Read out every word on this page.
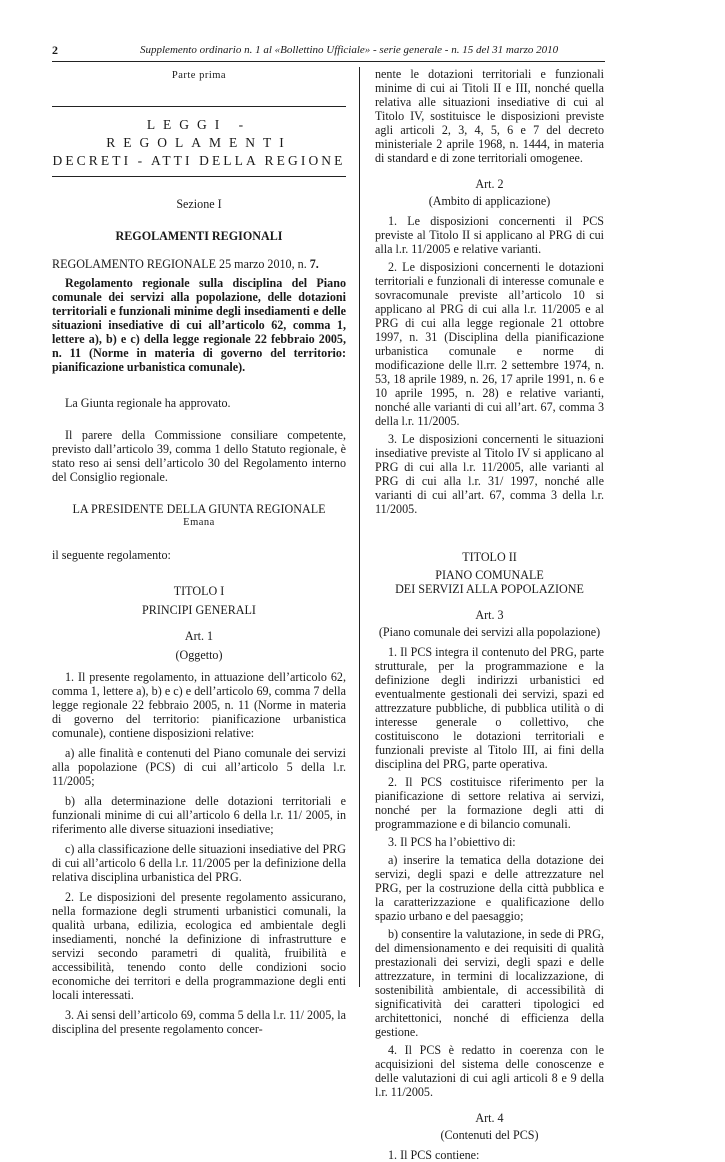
2	Supplemento ordinario n. 1 al «Bollettino Ufficiale» - serie generale - n. 15 del 31 marzo 2010

Parte prima

LEGGI - REGOLAMENTI

DECRETI - ATTI DELLA REGIONE

Sezione I

REGOLAMENTI REGIONALI

REGOLAMENTO REGIONALE 25 marzo 2010, n. 7.

Regolamento regionale sulla disciplina del Piano comunale dei servizi alla popolazione, delle dotazioni territoriali e funzionali minime degli insediamenti e delle situazioni insediative di cui all’articolo 62, comma 1, lettere a), b) e c) della legge regionale 22 febbraio 2005, n. 11 (Norme in materia di governo del territorio: pianificazione urbanistica comunale).

La Giunta regionale ha approvato.

Il parere della Commissione consiliare competente, previsto dall’articolo 39, comma 1 dello Statuto regionale, è stato reso ai sensi dell’articolo 30 del Regolamento interno del Consiglio regionale.

LA PRESIDENTE DELLA GIUNTA REGIONALE

Emana

il seguente regolamento:

TITOLO I

PRINCIPI GENERALI

Art. 1

(Oggetto)

1. Il presente regolamento, in attuazione dell’articolo 62, comma 1, lettere a), b) e c) e dell’articolo 69, comma 7 della legge regionale 22 febbraio 2005, n. 11 (Norme in materia di governo del territorio: pianificazione urbanistica comunale), contiene disposizioni relative:

a) alle finalità e contenuti del Piano comunale dei servizi alla popolazione (PCS) di cui all’articolo 5 della l.r. 11/2005;

b) alla determinazione delle dotazioni territoriali e funzionali minime di cui all’articolo 6 della l.r. 11/ 2005, in riferimento alle diverse situazioni insediative;

c) alla classificazione delle situazioni insediative del PRG di cui all’articolo 6 della l.r. 11/2005 per la definizione della relativa disciplina urbanistica del PRG.

2. Le disposizioni del presente regolamento assicurano, nella formazione degli strumenti urbanistici comunali, la qualità urbana, edilizia, ecologica ed ambientale degli insediamenti, nonché la definizione di infrastrutture e servizi secondo parametri di qualità, fruibilità e accessibilità, tenendo conto delle condizioni socio economiche dei territori e della programmazione degli enti locali interessati.

3. Ai sensi dell’articolo 69, comma 5 della l.r. 11/ 2005, la disciplina del presente regolamento concer-

nente le dotazioni territoriali e funzionali minime di cui ai Titoli II e III, nonché quella relativa alle situazioni insediative di cui al Titolo IV, sostituisce le disposizioni previste agli articoli 2, 3, 4, 5, 6 e 7 del decreto ministeriale 2 aprile 1968, n. 1444, in materia di standard e di zone territoriali omogenee.

Art. 2

(Ambito di applicazione)

1. Le disposizioni concernenti il PCS previste al Titolo II si applicano al PRG di cui alla l.r. 11/2005 e relative varianti.

2. Le disposizioni concernenti le dotazioni territoriali e funzionali di interesse comunale e sovracomunale previste all’articolo 10 si applicano al PRG di cui alla l.r. 11/2005 e al PRG di cui alla legge regionale 21 ottobre 1997, n. 31 (Disciplina della pianificazione urbanistica comunale e norme di modificazione delle ll.rr. 2 settembre 1974, n. 53, 18 aprile 1989, n. 26, 17 aprile 1991, n. 6 e 10 aprile 1995, n. 28) e relative varianti, nonché alle varianti di cui all’art. 67, comma 3 della l.r. 11/2005.

3. Le disposizioni concernenti le situazioni insediative previste al Titolo IV si applicano al PRG di cui alla l.r. 11/2005, alle varianti al PRG di cui alla l.r. 31/ 1997, nonché alle varianti di cui all’art. 67, comma 3 della l.r. 11/2005.

TITOLO II

PIANO COMUNALE

DEI SERVIZI ALLA POPOLAZIONE

Art. 3

(Piano comunale dei servizi alla popolazione)

1. Il PCS integra il contenuto del PRG, parte strutturale, per la programmazione e la definizione degli indirizzi urbanistici ed eventualmente gestionali dei servizi, spazi ed attrezzature pubbliche, di pubblica utilità o di interesse generale o collettivo, che costituiscono le dotazioni territoriali e funzionali previste al Titolo III, ai fini della disciplina del PRG, parte operativa.

2. Il PCS costituisce riferimento per la pianificazione di settore relativa ai servizi, nonché per la formazione degli atti di programmazione e di bilancio comunali.

3. Il PCS ha l’obiettivo di:

a) inserire la tematica della dotazione dei servizi, degli spazi e delle attrezzature nel PRG, per la costruzione della città pubblica e la caratterizzazione e qualificazione dello spazio urbano e del paesaggio;

b) consentire la valutazione, in sede di PRG, del dimensionamento e dei requisiti di qualità prestazionali dei servizi, degli spazi e delle attrezzature, in termini di localizzazione, di sostenibilità ambientale, di accessibilità di significatività dei caratteri tipologici ed architettonici, nonché di efficienza della gestione.

4. Il PCS è redatto in coerenza con le acquisizioni del sistema delle conoscenze e delle valutazioni di cui agli articoli 8 e 9 della l.r. 11/2005.

Art. 4

(Contenuti del PCS)

1. Il PCS contiene:
